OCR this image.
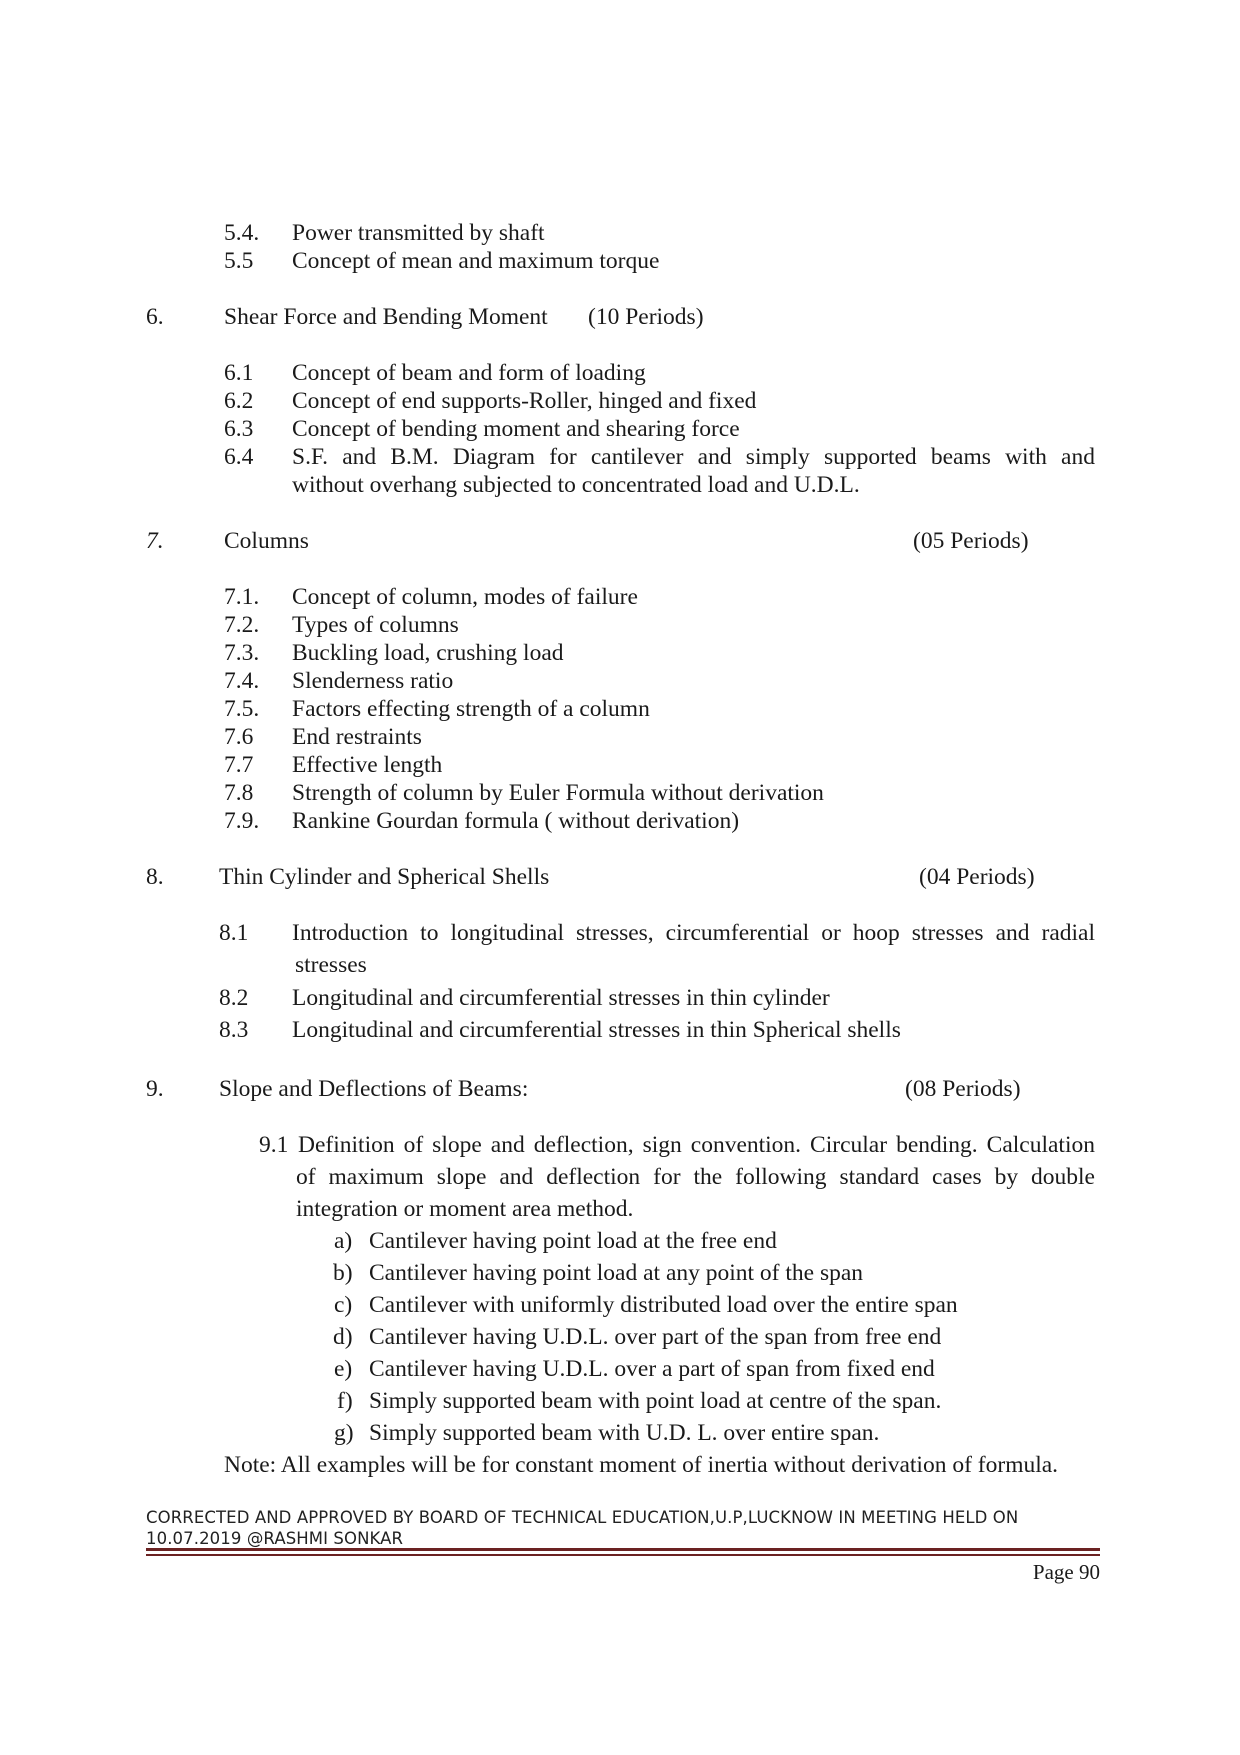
5.4. Power transmitted by shaft
5.5 Concept of mean and maximum torque
6.	Shear Force and Bending Moment (10 Periods)
6.1 Concept of beam and form of loading
6.2 Concept of end supports-Roller, hinged and fixed
6.3 Concept of bending moment and shearing force
6.4 S.F. and B.M. Diagram for cantilever and simply supported beams with and
without overhang subjected to concentrated load and U.D.L.
7.	Columns	(05 Periods)
7.1. Concept of column, modes of failure
7.2. Types of columns
7.3. Buckling load, crushing load
7.4. Slenderness ratio
7.5. Factors effecting strength of a column
7.6 End restraints
7.7 Effective length
7.8 Strength of column by Euler Formula without derivation
7.9. Rankine Gourdan formula ( without derivation)
8. Thin Cylinder and Spherical Shells	(04 Periods)
8.1 Introduction to longitudinal stresses, circumferential or hoop stresses and radial
stresses
8.2 Longitudinal and circumferential stresses in thin cylinder
8.3 Longitudinal and circumferential stresses in thin Spherical shells
9. Slope and Deflections of Beams:	(08 Periods)
9.1 Definition of slope and deflection, sign convention. Circular bending. Calculation
of maximum slope and deflection for the following standard cases by double
integration or moment area method.
a) Cantilever having point load at the free end
b) Cantilever having point load at any point of the span
c) Cantilever with uniformly distributed load over the entire span
d) Cantilever having U.D.L. over part of the span from free end
e) Cantilever having U.D.L. over a part of span from fixed end
f) Simply supported beam with point load at centre of the span.
g) Simply supported beam with U.D. L. over entire span.
Note: All examples will be for constant moment of inertia without derivation of formula.
CORRECTED AND APPROVED BY BOARD OF TECHNICAL EDUCATION,U.P,LUCKNOW IN MEETING HELD ON
10.07.2019 @RASHMI SONKAR
Page 90
